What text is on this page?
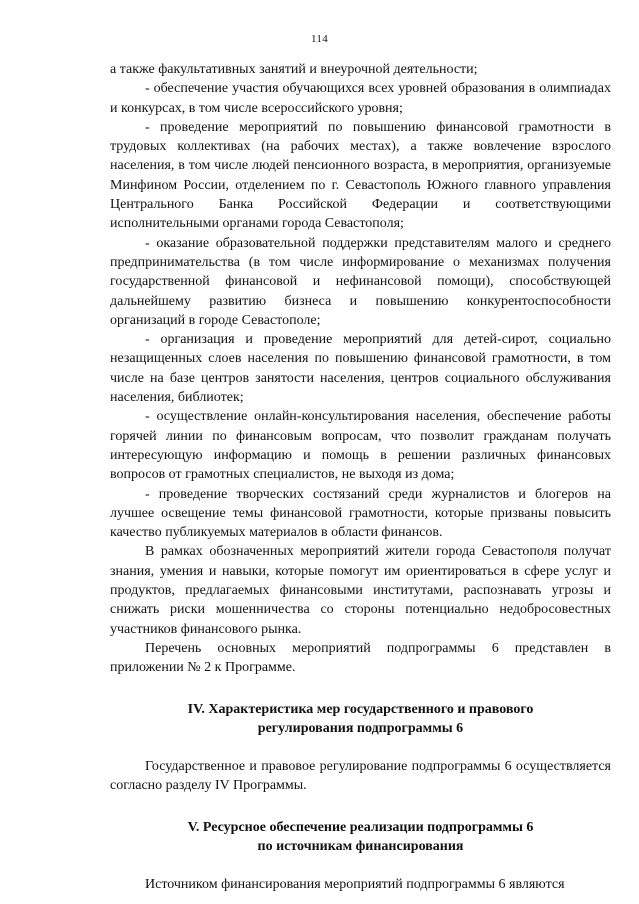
114

а также факультативных занятий и внеурочной деятельности;

- обеспечение участия обучающихся всех уровней образования в олимпиадах и конкурсах, в том числе всероссийского уровня;

- проведение мероприятий по повышению финансовой грамотности в трудовых коллективах (на рабочих местах), а также вовлечение взрослого населения, в том числе людей пенсионного возраста, в мероприятия, организуемые Минфином России, отделением по г. Севастополь Южного главного управления Центрального Банка Российской Федерации и соответствующими исполнительными органами города Севастополя;

- оказание образовательной поддержки представителям малого и среднего предпринимательства (в том числе информирование о механизмах получения государственной финансовой и нефинансовой помощи), способствующей дальнейшему развитию бизнеса и повышению конкурентоспособности организаций в городе Севастополе;

- организация и проведение мероприятий для детей-сирот, социально незащищенных слоев населения по повышению финансовой грамотности, в том числе на базе центров занятости населения, центров социального обслуживания населения, библиотек;

- осуществление онлайн-консультирования населения, обеспечение работы горячей линии по финансовым вопросам, что позволит гражданам получать интересующую информацию и помощь в решении различных финансовых вопросов от грамотных специалистов, не выходя из дома;

- проведение творческих состязаний среди журналистов и блогеров на лучшее освещение темы финансовой грамотности, которые призваны повысить качество публикуемых материалов в области финансов.

В рамках обозначенных мероприятий жители города Севастополя получат знания, умения и навыки, которые помогут им ориентироваться в сфере услуг и продуктов, предлагаемых финансовыми институтами, распознавать угрозы и снижать риски мошенничества со стороны потенциально недобросовестных участников финансового рынка.

Перечень основных мероприятий подпрограммы 6 представлен в приложении № 2 к Программе.

IV. Характеристика мер государственного и правового
регулирования подпрограммы 6

Государственное и правовое регулирование подпрограммы 6 осуществляется согласно разделу IV Программы.

V. Ресурсное обеспечение реализации подпрограммы 6
по источникам финансирования

Источником финансирования мероприятий подпрограммы 6 являются
